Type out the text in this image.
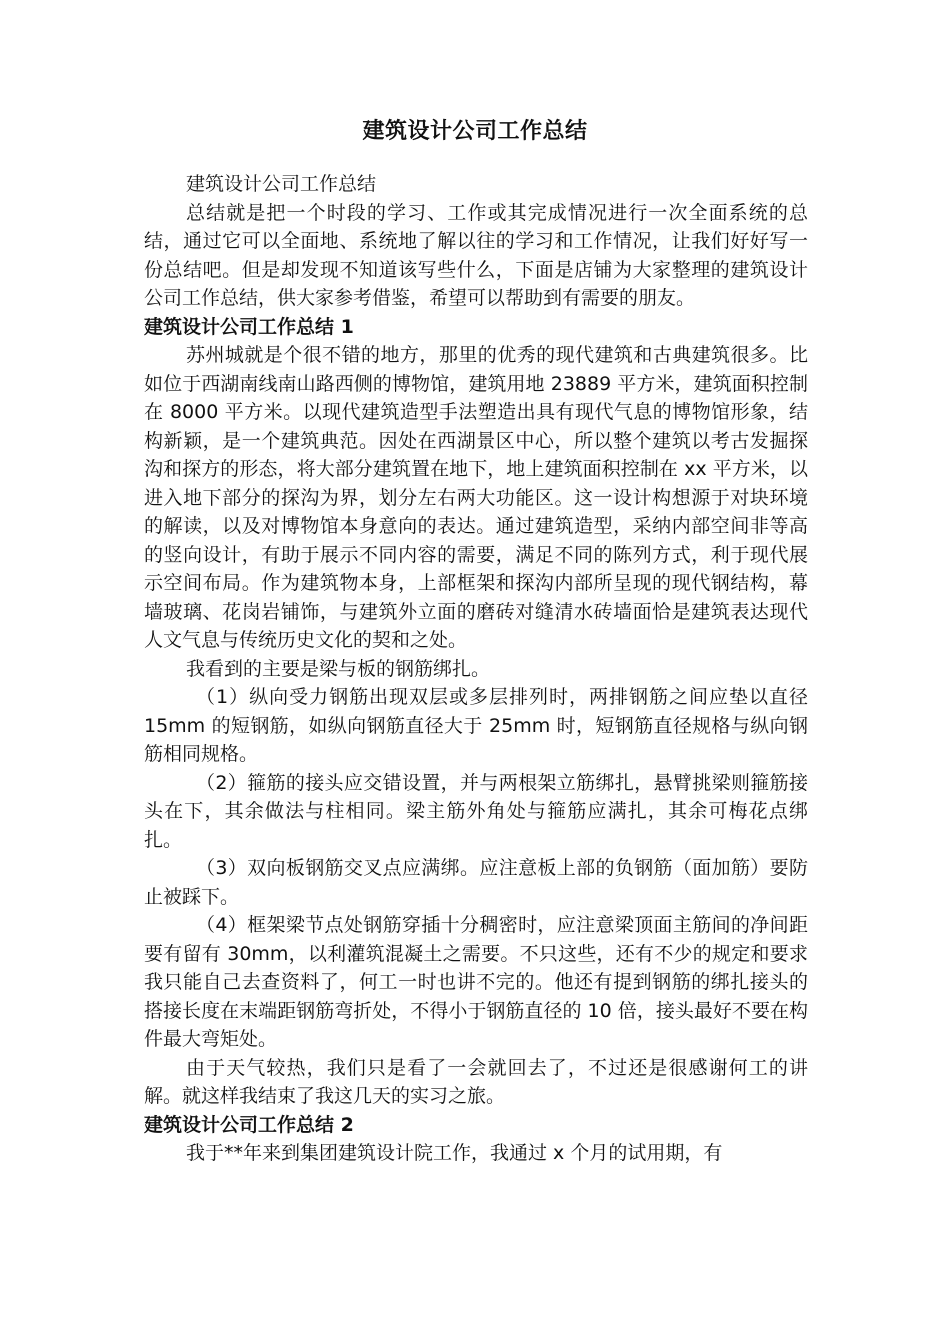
建筑设计公司工作总结

建筑设计公司工作总结

总结就是把一个时段的学习、工作或其完成情况进行一次全面系统的总结，通过它可以全面地、系统地了解以往的学习和工作情况，让我们好好写一份总结吧。但是却发现不知道该写些什么，下面是店铺为大家整理的建筑设计公司工作总结，供大家参考借鉴，希望可以帮助到有需要的朋友。

建筑设计公司工作总结 1

苏州城就是个很不错的地方，那里的优秀的现代建筑和古典建筑很多。比如位于西湖南线南山路西侧的博物馆，建筑用地 23889 平方米，建筑面积控制在 8000 平方米。以现代建筑造型手法塑造出具有现代气息的博物馆形象，结构新颖，是一个建筑典范。因处在西湖景区中心，所以整个建筑以考古发掘探沟和探方的形态，将大部分建筑置在地下，地上建筑面积控制在 xx 平方米，以进入地下部分的探沟为界，划分左右两大功能区。这一设计构想源于对块环境的解读，以及对博物馆本身意向的表达。通过建筑造型，采纳内部空间非等高的竖向设计，有助于展示不同内容的需要，满足不同的陈列方式，利于现代展示空间布局。作为建筑物本身，上部框架和探沟内部所呈现的现代钢结构，幕墙玻璃、花岗岩铺饰，与建筑外立面的磨砖对缝清水砖墙面恰是建筑表达现代人文气息与传统历史文化的契和之处。

我看到的主要是梁与板的钢筋绑扎。

（1）纵向受力钢筋出现双层或多层排列时，两排钢筋之间应垫以直径 15mm 的短钢筋，如纵向钢筋直径大于 25mm 时，短钢筋直径规格与纵向钢筋相同规格。

（2）箍筋的接头应交错设置，并与两根架立筋绑扎，悬臂挑梁则箍筋接头在下，其余做法与柱相同。梁主筋外角处与箍筋应满扎，其余可梅花点绑扎。

（3）双向板钢筋交叉点应满绑。应注意板上部的负钢筋（面加筋）要防止被踩下。

（4）框架梁节点处钢筋穿插十分稠密时，应注意梁顶面主筋间的净间距要有留有 30mm，以利灌筑混凝土之需要。不只这些，还有不少的规定和要求我只能自己去查资料了，何工一时也讲不完的。他还有提到钢筋的绑扎接头的搭接长度在末端距钢筋弯折处，不得小于钢筋直径的 10 倍，接头最好不要在构件最大弯矩处。

由于天气较热，我们只是看了一会就回去了，不过还是很感谢何工的讲解。就这样我结束了我这几天的实习之旅。

建筑设计公司工作总结 2

我于**年来到集团建筑设计院工作，我通过 x 个月的试用期，有
